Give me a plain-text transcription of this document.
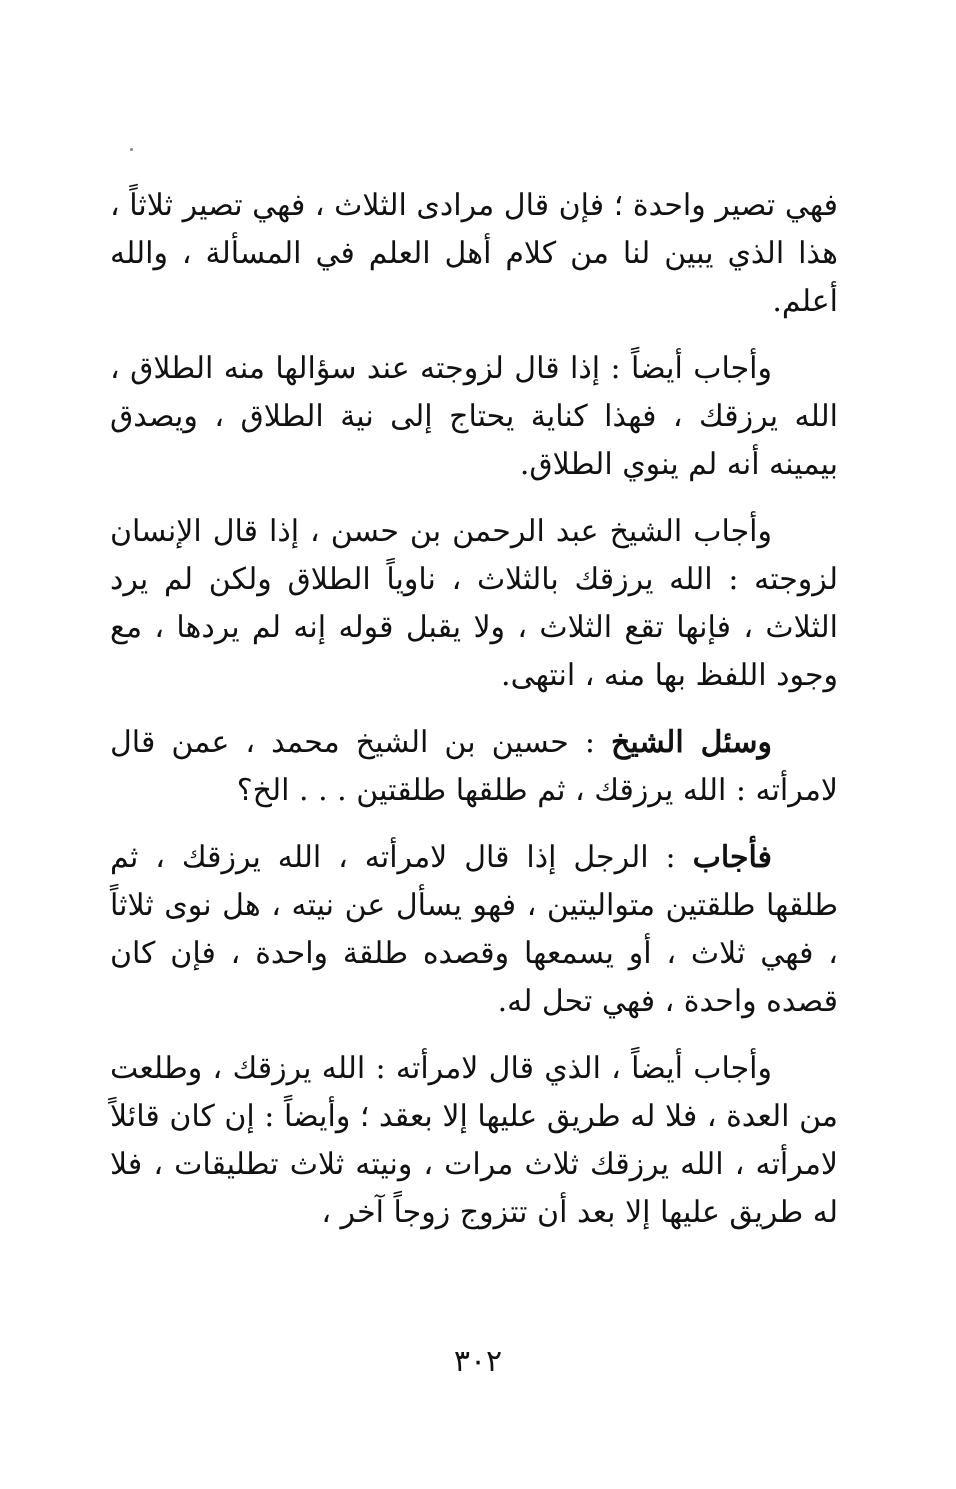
فهي تصير واحدة ؛ فإن قال مرادى الثلاث ، فهي تصير ثلاثاً ، هذا الذي يبين لنا من كلام أهل العلم في المسألة ، والله أعلم.

وأجاب أيضاً : إذا قال لزوجته عند سؤالها منه الطلاق ، الله يرزقك ، فهذا كناية يحتاج إلى نية الطلاق ، ويصدق بيمينه أنه لم ينوي الطلاق.

وأجاب الشيخ عبد الرحمن بن حسن ، إذا قال الإنسان لزوجته : الله يرزقك بالثلاث ، ناوياً الطلاق ولكن لم يرد الثلاث ، فإنها تقع الثلاث ، ولا يقبل قوله إنه لم يردها ، مع وجود اللفظ بها منه ، انتهى.

وسئل الشيخ : حسين بن الشيخ محمد ، عمن قال لامرأته : الله يرزقك ، ثم طلقها طلقتين . . . الخ؟

فأجاب : الرجل إذا قال لامرأته ، الله يرزقك ، ثم طلقها طلقتين متواليتين ، فهو يسأل عن نيته ، هل نوى ثلاثاً ، فهي ثلاث ، أو يسمعها وقصده طلقة واحدة ، فإن كان قصده واحدة ، فهي تحل له.

وأجاب أيضاً ، الذي قال لامرأته : الله يرزقك ، وطلعت من العدة ، فلا له طريق عليها إلا بعقد ؛ وأيضاً : إن كان قائلاً لامرأته ، الله يرزقك ثلاث مرات ، ونيته ثلاث تطليقات ، فلا له طريق عليها إلا بعد أن تتزوج زوجاً آخر ،

٣٠٢
